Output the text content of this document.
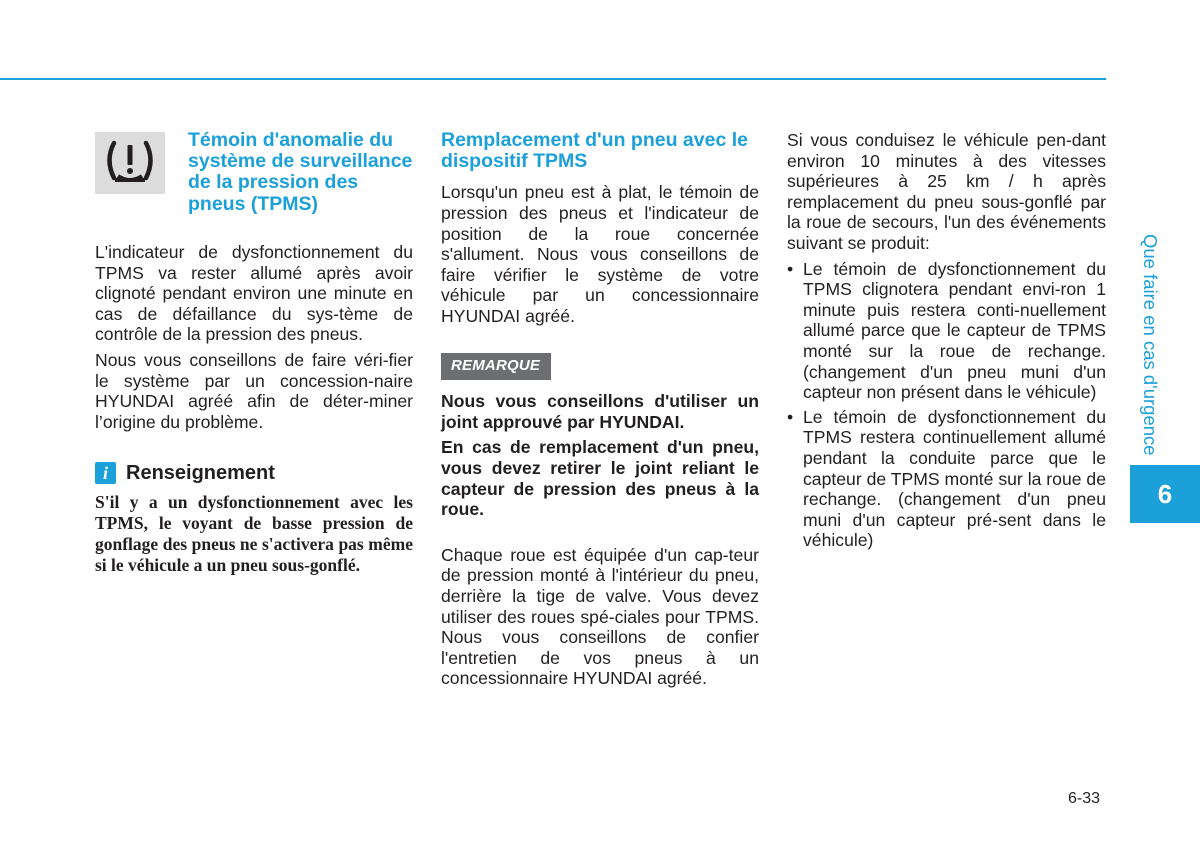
Témoin d'anomalie du système de surveillance de la pression des pneus (TPMS)

L'indicateur de dysfonctionnement du TPMS va rester allumé après avoir clignoté pendant environ une minute en cas de défaillance du sys-tème de contrôle de la pression des pneus.

Nous vous conseillons de faire véri-fier le système par un concession-naire HYUNDAI agréé afin de déter-miner l’origine du problème.

i Renseignement
S'il y a un dysfonctionnement avec les TPMS, le voyant de basse pression de gonflage des pneus ne s'activera pas même si le véhicule a un pneu sous-gonflé.
Remplacement d'un pneu avec le dispositif TPMS

Lorsqu'un pneu est à plat, le témoin de pression des pneus et l'indicateur de position de la roue concernée s'allument. Nous vous conseillons de faire vérifier le système de votre véhicule par un concessionnaire HYUNDAI agréé.

REMARQUE

Nous vous conseillons d'utiliser un joint approuvé par HYUNDAI.

En cas de remplacement d'un pneu, vous devez retirer le joint reliant le capteur de pression des pneus à la roue.

Chaque roue est équipée d'un cap-teur de pression monté à l'intérieur du pneu, derrière la tige de valve. Vous devez utiliser des roues spé-ciales pour TPMS. Nous vous conseillons de confier l'entretien de vos pneus à un concessionnaire HYUNDAI agréé.

Si vous conduisez le véhicule pen-dant environ 10 minutes à des vitesses supérieures à 25 km / h après remplacement du pneu sous-gonflé par la roue de secours, l'un des événements suivant se produit:

• Le témoin de dysfonctionnement du TPMS clignotera pendant envi-ron 1 minute puis restera conti-nuellement allumé parce que le capteur de TPMS monté sur la roue de rechange. (changement d'un pneu muni d'un capteur non présent dans le véhicule)
• Le témoin de dysfonctionnement du TPMS restera continuellement allumé pendant la conduite parce que le capteur de TPMS monté sur la roue de rechange. (changement d'un pneu muni d'un capteur pré-sent dans le véhicule)
Que faire en cas d'urgence
6
6-33
